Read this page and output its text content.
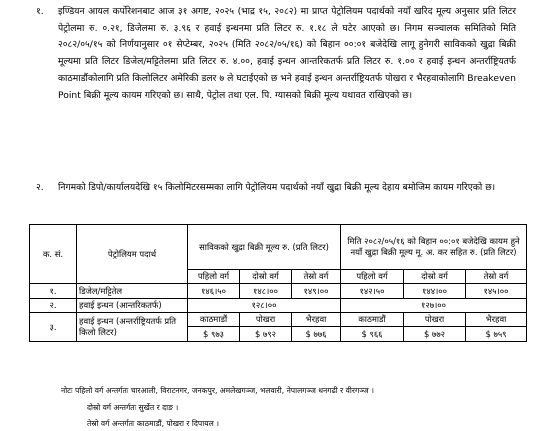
१. इण्डियन आयल कर्पोरेशनबाट आज ३१ अगष्ट, २०२५ (भाद्र १५, २०८२) मा प्राप्त पेट्रोलियम पदार्थको नयाँ खरिद मूल्य अनुसार प्रति लिटर पेट्रोलमा रु. ०.२१, डिजेलमा रु. ३.९६ र हवाई इन्धनमा प्रति लिटर रु. १.१८ ले घटेर आएको छ। निगम सञ्चालक समितिको मिति २०८२/०५/१५ को निर्णयानुसार ०१ सेप्टेम्बर, २०२५ (मिति २०८२/०५/१६) को बिहान ००:०१ बजेदेखि लागू हुनेगरी साविकको खुद्रा बिक्री मूल्यमा प्रति लिटर डिजेल/मट्टितेलमा प्रति लिटर रु. ४.००, हवाई इन्धन आन्तरिकतर्फ प्रति लिटर रु. १.०० र हवाई इन्धन अन्तर्राष्ट्रियतर्फ काठमाडौंकोलागि प्रति किलोलिटर अमेरिकी डलर ७ ले घटाईएको छ भने हवाई इन्धन अन्तर्राष्ट्रियतर्फ पोखरा र भैरहवाकोलागि Breakeven Point बिक्री मूल्य कायम गरिएको छ। साथै, पेट्रोल तथा एल. पि. ग्यासको बिक्री मूल्य यथावत राखिएको छ।
२. निगमको डिपो/कार्यालयदेखि १५ किलोमिटरसम्मका लागि पेट्रोलियम पदार्थको नयाँ खुद्रा बिक्री मूल्य देहाय बमोजिम कायम गरिएको छ।
क. सं.	पेट्रोलियम पदार्थ	साविकको खुद्रा बिक्री मूल्य रु. (प्रति लिटर)			मिति २०८२/०५/१६ को बिहान ००:०१ बजेदेखि कायम हुने नयाँ खुद्रा बिक्री मूल्य मू. अ. कर सहित रु. (प्रति लिटर)		
		पहिलो वर्ग	दोस्रो वर्ग	तेस्रो वर्ग	पहिलो वर्ग	दोस्रो वर्ग	तेस्रो वर्ग
१.	डिजेल/मट्टितेल	१४६।५०	१४८।००	१४९।००	१४२।५०	१४४।००	१४५।००
२.	हवाई इन्धन (आन्तरिकतर्फ)	१२८।००			१२७।००		
३.	हवाई इन्धन (अन्तर्राष्ट्रियतर्फ प्रति किलो लिटर)	काठमाडौं	पोखरा	भैरहवा	काठमाडौं	पोखरा	भैरहवा
		$ ९७३	$ ७९२	$ ७७६	$ ९६६	$ ७७२	$ ७५९
नोटः पहिलो वर्ग अन्तर्गतः चारआली, विराटनगर, जनकपुर, अमलेखगञ्ज, भलवारी, नेपालगञ्ज धनगढी र वीरगञ्ज ।
दोस्रो वर्ग अन्तर्गतः सुर्खेत र दाङ ।
तेस्रो वर्ग अन्तर्गतः काठमाडौं, पोखरा र दिपायल ।
